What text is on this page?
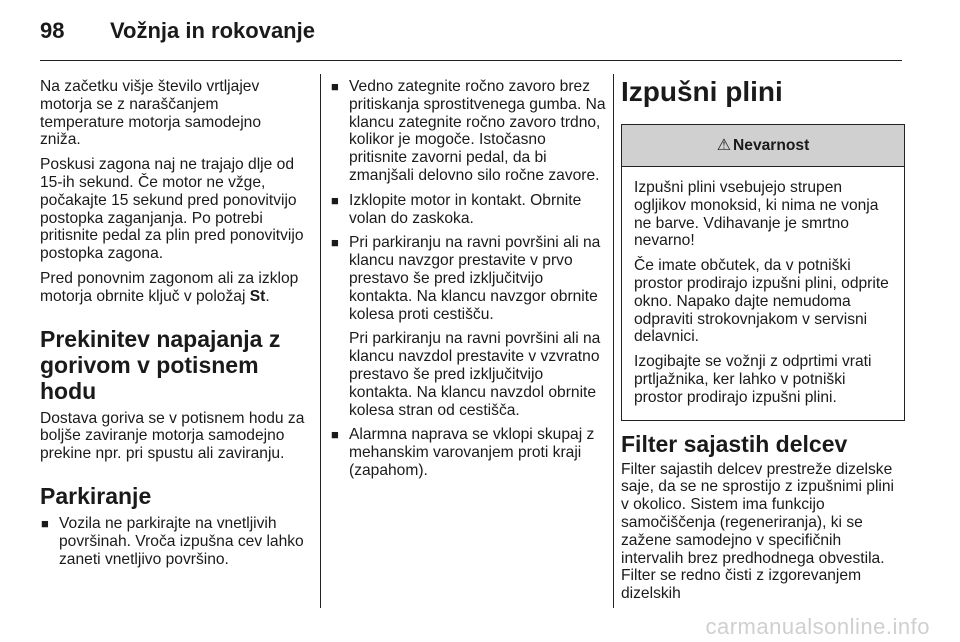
98 Vožnja in rokovanje

Na začetku višje število vrtljajev motorja se z naraščanjem temperature motorja samodejno zniža.

Poskusi zagona naj ne trajajo dlje od 15-ih sekund. Če motor ne vžge, počakajte 15 sekund pred ponovitvijo postopka zaganjanja. Po potrebi pritisnite pedal za plin pred ponovitvijo postopka zagona.

Pred ponovnim zagonom ali za izklop motorja obrnite ključ v položaj St.

Prekinitev napajanja z gorivom v potisnem hodu

Dostava goriva se v potisnem hodu za boljše zaviranje motorja samodejno prekine npr. pri spustu ali zaviranju.

Parkiranje
■ Vozila ne parkirajte na vnetljivih površinah. Vroča izpušna cev lahko zaneti vnetljivo površino.
■ Vedno zategnite ročno zavoro brez pritiskanja sprostitvenega gumba. Na klancu zategnite ročno zavoro trdno, kolikor je mogoče. Istočasno pritisnite zavorni pedal, da bi zmanjšali delovno silo ročne zavore.
■ Izklopite motor in kontakt. Obrnite volan do zaskoka.
■ Pri parkiranju na ravni površini ali na klancu navzgor prestavite v prvo prestavo še pred izključitvijo kontakta. Na klancu navzgor obrnite kolesa proti cestišču.

Pri parkiranju na ravni površini ali na klancu navzdol prestavite v vzvratno prestavo še pred izključitvijo kontakta. Na klancu navzdol obrnite kolesa stran od cestišča.

■ Alarmna naprava se vklopi skupaj z mehanskim varovanjem proti kraji (zapahom).
Izpušni plini
⚠ Nevarnost

Izpušni plini vsebujejo strupen ogljikov monoksid, ki nima ne vonja ne barve. Vdihavanje je smrtno nevarno!

Če imate občutek, da v potniški prostor prodirajo izpušni plini, odprite okno. Napako dajte nemudoma odpraviti strokovnjakom v servisni delavnici.

Izogibajte se vožnji z odprtimi vrati prtljažnika, ker lahko v potniški prostor prodirajo izpušni plini.

Filter sajastih delcev

Filter sajastih delcev prestreže dizelske saje, da se ne sprostijo z izpušnimi plini v okolico. Sistem ima funkcijo samočiščenja (regeneriranja), ki se zažene samodejno v specifičnih intervalih brez predhodnega obvestila. Filter se redno čisti z izgorevanjem dizelskih

carmanualsonline.info
